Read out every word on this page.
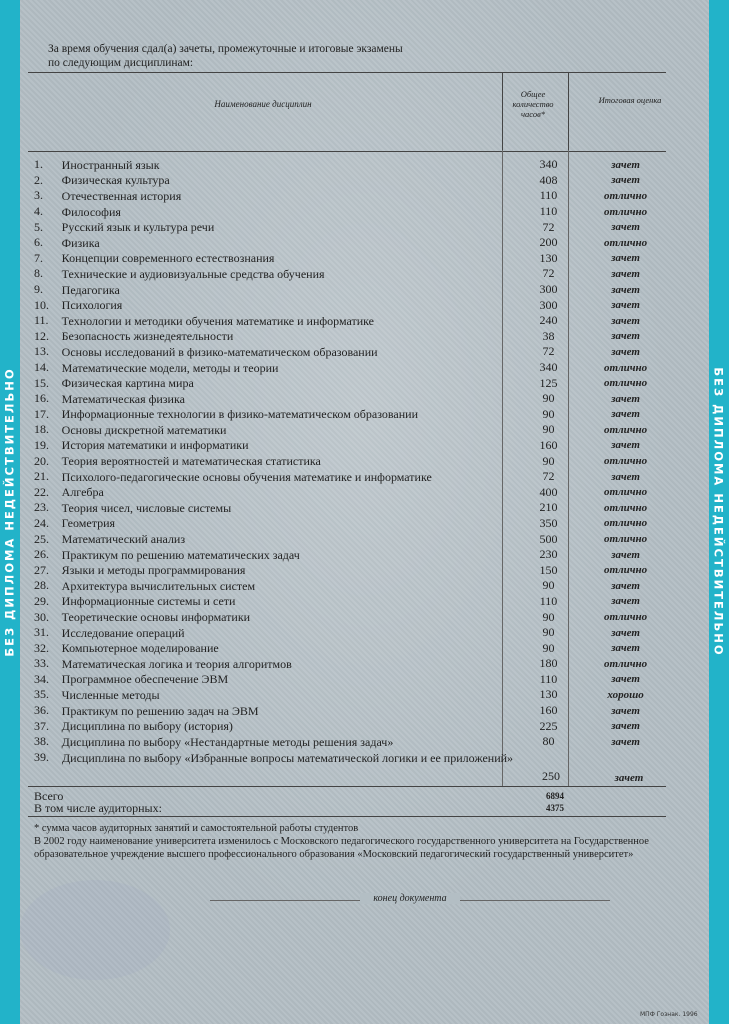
БЕЗ ДИПЛОМА НЕДЕЙСТВИТЕЛЬНО	БЕЗ ДИПЛОМА НЕДЕЙСТВИТЕЛЬНО
За время обучения сдал(а) зачеты, промежуточные и итоговые экзамены
по следующим дисциплинам:
Наименование дисциплин
Общее количество часов*
Итоговая оценка
1.	Иностранный язык	340	зачет
2.	Физическая культура	408	зачет
3.	Отечественная история	110	отлично
4.	Философия	110	отлично
5.	Русский язык и культура речи	72	зачет
6.	Физика	200	отлично
7.	Концепции современного естествознания	130	зачет
8.	Технические и аудиовизуальные средства обучения	72	зачет
9.	Педагогика	300	зачет
10.	Психология	300	зачет
11.	Технологии и методики обучения математике и информатике	240	зачет
12.	Безопасность жизнедеятельности	38	зачет
13.	Основы исследований в физико-математическом образовании	72	зачет
14.	Математические модели, методы и теории	340	отлично
15.	Физическая картина мира	125	отлично
16.	Математическая физика	90	зачет
17.	Информационные технологии в физико-математическом образовании	90	зачет
18.	Основы дискретной математики	90	отлично
19.	История математики и информатики	160	зачет
20.	Теория вероятностей и математическая статистика	90	отлично
21.	Психолого-педагогические основы обучения математике и информатике	72	зачет
22.	Алгебра	400	отлично
23.	Теория чисел, числовые системы	210	отлично
24.	Геометрия	350	отлично
25.	Математический анализ	500	отлично
26.	Практикум по решению математических задач	230	зачет
27.	Языки и методы программирования	150	отлично
28.	Архитектура вычислительных систем	90	зачет
29.	Информационные системы и сети	110	зачет
30.	Теоретические основы информатики	90	отлично
31.	Исследование операций	90	зачет
32.	Компьютерное моделирование	90	зачет
33.	Математическая логика и теория алгоритмов	180	отлично
34.	Программное обеспечение ЭВМ	110	зачет
35.	Численные методы	130	хорошо
36.	Практикум по решению задач на ЭВМ	160	зачет
37.	Дисциплина по выбору (история)	225	зачет
38.	Дисциплина по выбору «Нестандартные методы решения задач»	80	зачет
39.	Дисциплина по выбору «Избранные вопросы математической логики и ее приложений»
250	зачет
Всего	6894
В том числе аудиторных:	4375
* сумма часов аудиторных занятий и самостоятельной работы студентов
В 2002 году наименование университета изменилось с Московского педагогического государственного университета на Государственное образовательное учреждение высшего профессионального образования «Московский педагогический государственный университет»
конец документа
МПФ Гознак. 1996
